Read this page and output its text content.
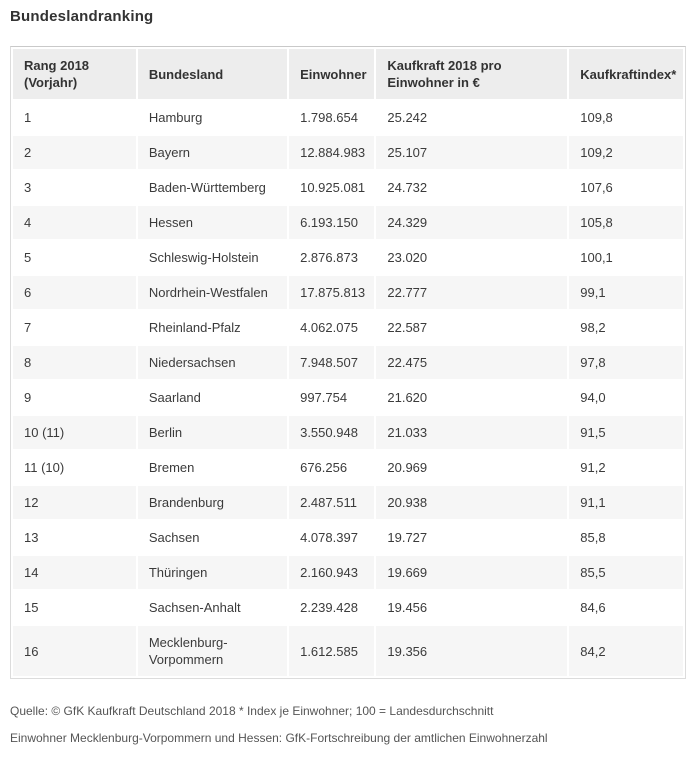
Bundeslandranking
Rang 2018 (Vorjahr)	Bundesland	Einwohner	Kaufkraft 2018 pro Einwohner in €	Kaufkraftindex*
1	Hamburg	1.798.654	25.242	109,8
2	Bayern	12.884.983	25.107	109,2
3	Baden-Württemberg	10.925.081	24.732	107,6
4	Hessen	6.193.150	24.329	105,8
5	Schleswig-Holstein	2.876.873	23.020	100,1
6	Nordrhein-Westfalen	17.875.813	22.777	99,1
7	Rheinland-Pfalz	4.062.075	22.587	98,2
8	Niedersachsen	7.948.507	22.475	97,8
9	Saarland	997.754	21.620	94,0
10 (11)	Berlin	3.550.948	21.033	91,5
11 (10)	Bremen	676.256	20.969	91,2
12	Brandenburg	2.487.511	20.938	91,1
13	Sachsen	4.078.397	19.727	85,8
14	Thüringen	2.160.943	19.669	85,5
15	Sachsen-Anhalt	2.239.428	19.456	84,6
16	Mecklenburg-Vorpommern	1.612.585	19.356	84,2

Quelle: © GfK Kaufkraft Deutschland 2018 * Index je Einwohner; 100 = Landesdurchschnitt

Einwohner Mecklenburg-Vorpommern und Hessen: GfK-Fortschreibung der amtlichen Einwohnerzahl
